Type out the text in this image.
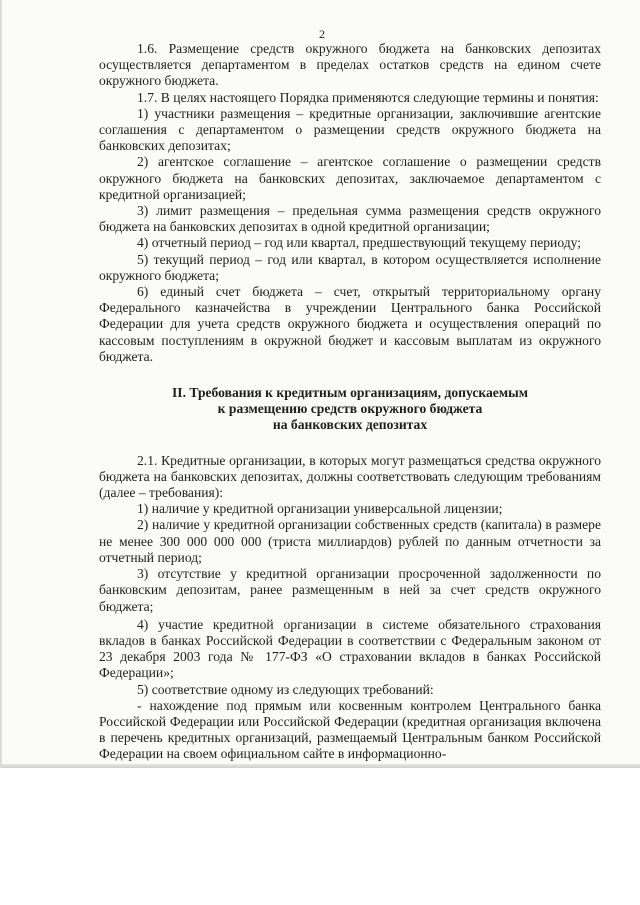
2

1.6. Размещение средств окружного бюджета на банковских депозитах осуществляется департаментом в пределах остатков средств на едином счете окружного бюджета.

1.7. В целях настоящего Порядка применяются следующие термины и понятия:

1) участники размещения – кредитные организации, заключившие агентские соглашения с департаментом о размещении средств окружного бюджета на банковских депозитах;

2) агентское соглашение – агентское соглашение о размещении средств окружного бюджета на банковских депозитах, заключаемое департаментом с кредитной организацией;

3) лимит размещения – предельная сумма размещения средств окружного бюджета на банковских депозитах в одной кредитной организации;

4) отчетный период – год или квартал, предшествующий текущему периоду;

5) текущий период – год или квартал, в котором осуществляется исполнение окружного бюджета;

6) единый счет бюджета – счет, открытый территориальному органу Федерального казначейства в учреждении Центрального банка Российской Федерации для учета средств окружного бюджета и осуществления операций по кассовым поступлениям в окружной бюджет и кассовым выплатам из окружного бюджета.

II. Требования к кредитным организациям, допускаемым
к размещению средств окружного бюджета
на банковских депозитах

2.1. Кредитные организации, в которых могут размещаться средства окружного бюджета на банковских депозитах, должны соответствовать следующим требованиям (далее – требования):

1) наличие у кредитной организации универсальной лицензии;

2) наличие у кредитной организации собственных средств (капитала) в размере не менее 300 000 000 000 (триста миллиардов) рублей по данным отчетности за отчетный период;

3) отсутствие у кредитной организации просроченной задолженности по банковским депозитам, ранее размещенным в ней за счет средств окружного бюджета;

4) участие кредитной организации в системе обязательного страхования вкладов в банках Российской Федерации в соответствии с Федеральным законом от 23 декабря 2003 года № 177-ФЗ «О страховании вкладов в банках Российской Федерации»;

5) соответствие одному из следующих требований:

- нахождение под прямым или косвенным контролем Центрального банка Российской Федерации или Российской Федерации (кредитная организация включена в перечень кредитных организаций, размещаемый Центральным банком Российской Федерации на своем официальном сайте в информационно-
